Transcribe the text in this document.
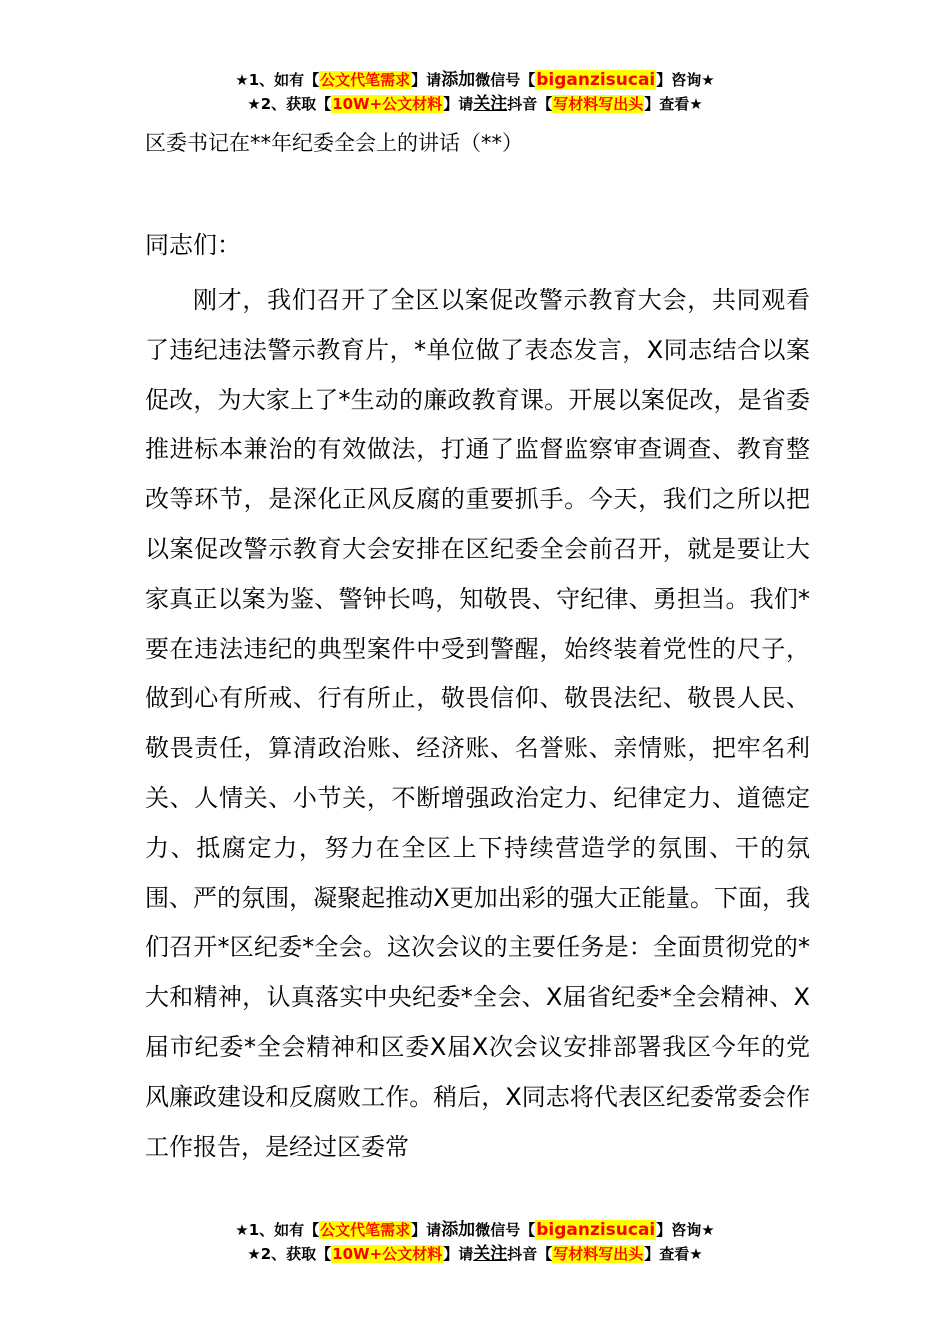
★1、如有【公文代笔需求】请添加微信号【biganzisucai】咨询★
★2、获取【10W+公文材料】请关注抖音【写材料写出头】查看★
区委书记在**年纪委全会上的讲话（**）
同志们：

刚才，我们召开了全区以案促改警示教育大会，共同观看了违纪违法警示教育片，*单位做了表态发言，X同志结合以案促改，为大家上了*生动的廉政教育课。开展以案促改，是省委推进标本兼治的有效做法，打通了监督监察审查调查、教育整改等环节，是深化正风反腐的重要抓手。今天，我们之所以把以案促改警示教育大会安排在区纪委全会前召开，就是要让大家真正以案为鉴、警钟长鸣，知敬畏、守纪律、勇担当。我们*要在违法违纪的典型案件中受到警醒，始终装着党性的尺子，做到心有所戒、行有所止，敬畏信仰、敬畏法纪、敬畏人民、敬畏责任，算清政治账、经济账、名誉账、亲情账，把牢名利关、人情关、小节关，不断增强政治定力、纪律定力、道德定力、抵腐定力，努力在全区上下持续营造学的氛围、干的氛围、严的氛围，凝聚起推动X更加出彩的强大正能量。下面，我们召开*区纪委*全会。这次会议的主要任务是：全面贯彻党的*大和精神，认真落实中央纪委*全会、X届省纪委*全会精神、X届市纪委*全会精神和区委X届X次会议安排部署我区今年的党风廉政建设和反腐败工作。稍后，X同志将代表区纪委常委会作工作报告，是经过区委常

★1、如有【公文代笔需求】请添加微信号【biganzisucai】咨询★
★2、获取【10W+公文材料】请关注抖音【写材料写出头】查看★
